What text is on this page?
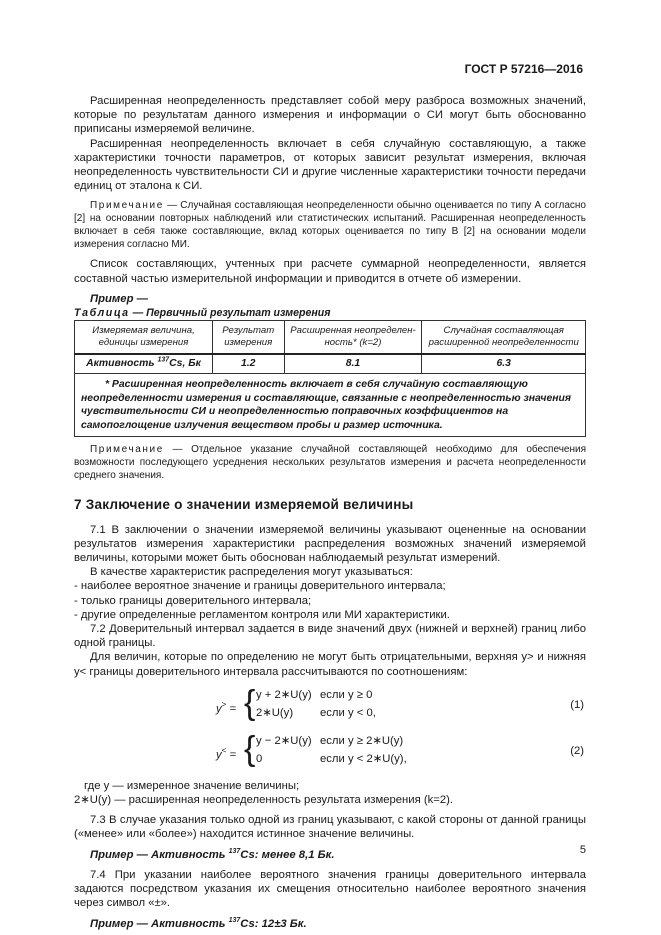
ГОСТ Р 57216—2016

Расширенная неопределенность представляет собой меру разброса возможных значений, которые по результатам данного измерения и информации о СИ могут быть обоснованно приписаны измеряемой величине.

Расширенная неопределенность включает в себя случайную составляющую, а также характеристики точности параметров, от которых зависит результат измерения, включая неопределенность чувствительности СИ и другие численные характеристики точности передачи единиц от эталона к СИ.

Примечание — Случайная составляющая неопределенности обычно оценивается по типу А согласно [2] на основании повторных наблюдений или статистических испытаний. Расширенная неопределенность включает в себя также составляющие, вклад которых оценивается по типу В [2] на основании модели измерения согласно МИ.

Список составляющих, учтенных при расчете суммарной неопределенности, является составной частью измерительной информации и приводится в отчете об измерении.

Пример —

Таблица — Первичный результат измерения

Измеряемая величина, единицы измерения	Результат измерения	Расширенная неопределенность* (k=2)	Случайная составляющая расширенной неопределенности
Активность $^{137}$Cs, Бк	1.2	8.1	6.3
* Расширенная неопределенность включает в себя случайную составляющую неопределенности измерения и составляющие, связанные с неопределенностью значения чувствительности СИ и неопределенностью поправочных коэффициентов на самопоглощение излучения веществом пробы и размер источника.			

Примечание — Отдельное указание случайной составляющей необходимо для обеспечения возможности последующего усреднения нескольких результатов измерения и расчета неопределенности среднего значения.

7 Заключение о значении измеряемой величины

7.1 В заключении о значении измеряемой величины указывают оцененные на основании результатов измерения характеристики распределения возможных значений измеряемой величины, которыми может быть обоснован наблюдаемый результат измерений.

В качестве характеристик распределения могут указываться:

- наиболее вероятное значение и границы доверительного интервала;

- только границы доверительного интервала;

- другие определенные регламентом контроля или МИ характеристики.

7.2 Доверительный интервал задается в виде значений двух (нижней и верхней) границ либо одной границы.

Для величин, которые по определению не могут быть отрицательными, верхняя y> и нижняя y< границы доверительного интервала рассчитываются по соотношениям:

y> = { y + 2∗U(y) если y ≥ 0
2∗U(y) если y < 0,
(1)
y< = { y − 2∗U(y) если y ≥ 2∗U(y)
0	если y < 2∗U(y),
(2)

где y — измеренное значение величины;

2∗U(y) — расширенная неопределенность результата измерения (k=2).

7.3 В случае указания только одной из границ указывают, с какой стороны от данной границы («менее» или «более») находится истинное значение величины.

Пример — Активность $^{137}$Cs: менее 8,1 Бк.

7.4 При указании наиболее вероятного значения границы доверительного интервала задаются посредством указания их смещения относительно наиболее вероятного значения через символ «±».

Пример — Активность $^{137}$Cs: 12±3 Бк.

5
